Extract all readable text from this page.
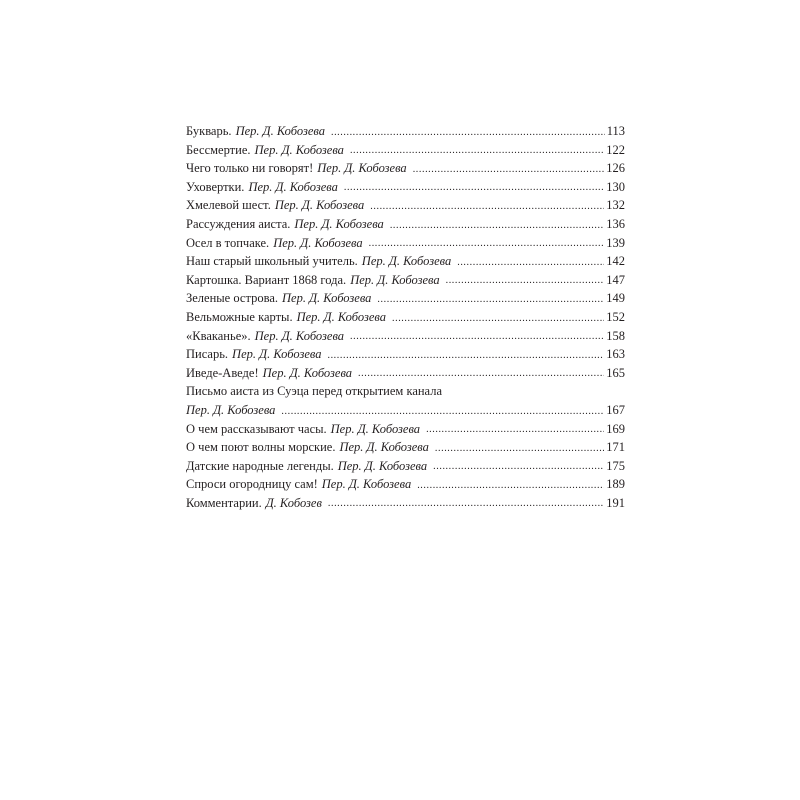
Букварь. Пер. Д. Кобозева .....	113
Бессмертие. Пер. Д. Кобозева .....	122
Чего только ни говорят! Пер. Д. Кобозева .....	126
Уховертки. Пер. Д. Кобозева .....	130
Хмелевой шест. Пер. Д. Кобозева .....	132
Рассуждения аиста. Пер. Д. Кобозева .....	136
Осел в топчаке. Пер. Д. Кобозева .....	139
Наш старый школьный учитель. Пер. Д. Кобозева .....	142
Картошка. Вариант 1868 года. Пер. Д. Кобозева .....	147
Зеленые острова. Пер. Д. Кобозева .....	149
Вельможные карты. Пер. Д. Кобозева .....	152
«Кваканье». Пер. Д. Кобозева .....	158
Писарь. Пер. Д. Кобозева .....	163
Иведе-Аведе! Пер. Д. Кобозева .....	165
Письмо аиста из Суэца перед открытием канала
Пер. Д. Кобозева .....	167
О чем рассказывают часы. Пер. Д. Кобозева .....	169
О чем поют волны морские. Пер. Д. Кобозева .....	171
Датские народные легенды. Пер. Д. Кобозева .....	175
Спроси огородницу сам! Пер. Д. Кобозева .....	189
Комментарии. Д. Кобозев .....	191
